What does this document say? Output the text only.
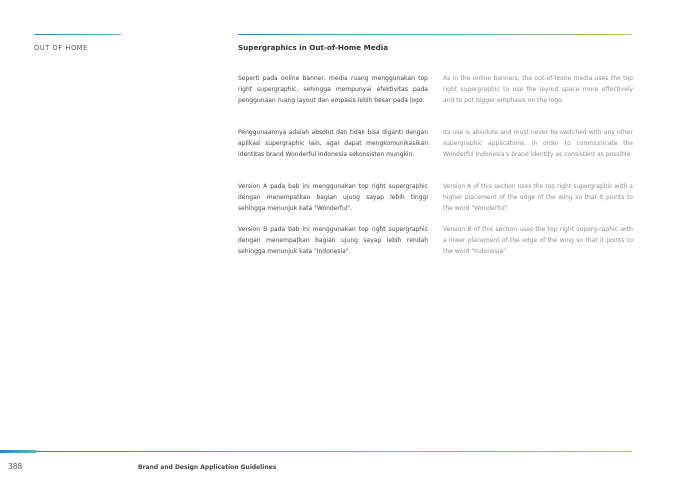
OUT OF HOME	Supergraphics in Out-of-Home Media

Seperti pada online banner, media ruang menggunakan top right supergraphic, sehingga mempunyai efektivitas pada penggunaan ruang layout dan empasis lebih besar pada logo.

Penggunaannya adalah absolut dan tidak bisa diganti dengan aplikasi supergraphic lain, agar dapat mengkomunikasikan identitas brand Wonderful Indonesia sekonsisten mungkin.

Version A pada bab ini menggunakan top right supergraphic dengan menempatkan bagian ujung sayap lebih tinggi sehingga menunjuk kata "Wonderful".

Version B pada bab ini menggunakan top right supergraphic dengan menempatkan bagian ujung sayap lebih rendah sehingga menunjuk kata "Indonesia".

As in the online banners, the out-of-home media uses the top right supergraphic to use the layout space more effectively and to put bigger emphasis on the logo.

Its use is absolute and must never be switched with any other supergraphic applications, in order to communicate the Wonderful Indonesia's brand identity as consistent as possible.

Version A of this section uses the top right supergraphic with a higher placement of the edge of the wing so that it points to the word "Wonderful".

Version B of this section uses the top right superg-raphic with a lower placement of the edge of the wing so that it points to the word "Indonesia".

388	Brand and Design Application Guidelines
